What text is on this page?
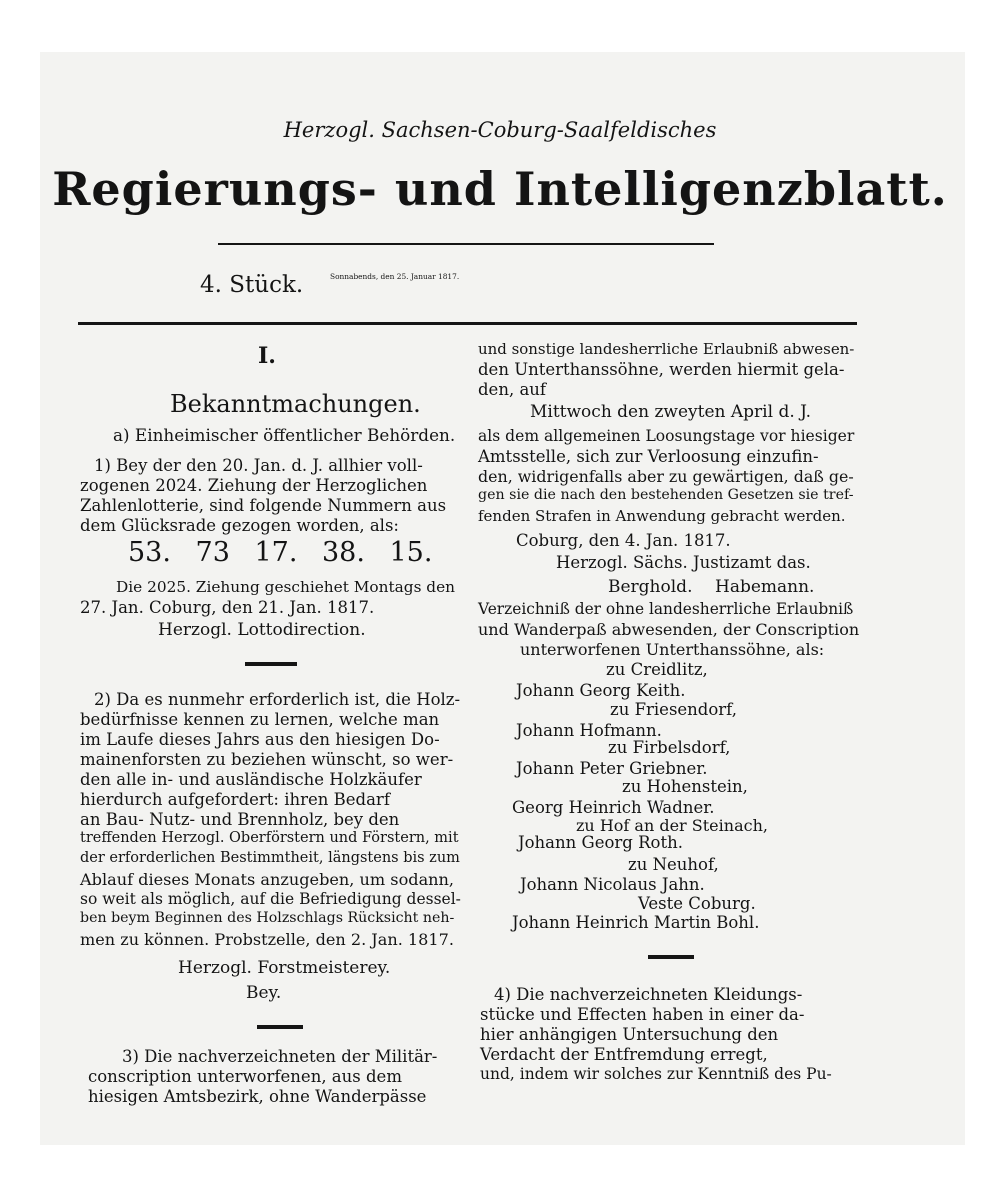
Herzogl. Sachsen-Coburg-Saalfeldisches
Regierungs- und Intelligenzblatt.
4. Stück.	Sonnabends, den 25. Januar 1817.
I.
Bekanntmachungen.
a) Einheimischer öffentlicher Behörden.
1) Bey der den 20. Jan. d. J. allhier voll-
zogenen 2024. Ziehung der Herzoglichen
Zahlenlotterie, sind folgende Nummern aus
dem Glücksrade gezogen worden, als:
53. 73 17. 38. 15.
Die 2025. Ziehung geschiehet Montags den
27. Jan. Coburg, den 21. Jan. 1817.
Herzogl. Lottodirection.
2) Da es nunmehr erforderlich ist, die Holz-
bedürfnisse kennen zu lernen, welche man
im Laufe dieses Jahrs aus den hiesigen Do-
mainenforsten zu beziehen wünscht, so wer-
den alle in- und ausländische Holzkäufer
hierdurch aufgefordert: ihren Bedarf
an Bau- Nutz- und Brennholz, bey den
treffenden Herzogl. Oberförstern und Förstern, mit
der erforderlichen Bestimmtheit, längstens bis zum
Ablauf dieses Monats anzugeben, um sodann,
so weit als möglich, auf die Befriedigung dessel-
ben beym Beginnen des Holzschlags Rücksicht neh-
men zu können. Probstzelle, den 2. Jan. 1817.
Herzogl. Forstmeisterey.
Bey.
3) Die nachverzeichneten der Militär-
conscription unterworfenen, aus dem
hiesigen Amtsbezirk, ohne Wanderpässe
und sonstige landesherrliche Erlaubniß abwesen-
den Unterthanssöhne, werden hiermit gela-
den, auf
Mittwoch den zweyten April d. J.
als dem allgemeinen Loosungstage vor hiesiger
Amtsstelle, sich zur Verloosung einzufin-
den, widrigenfalls aber zu gewärtigen, daß ge-
gen sie die nach den bestehenden Gesetzen sie tref-
fenden Strafen in Anwendung gebracht werden.
Coburg, den 4. Jan. 1817.
Herzogl. Sächs. Justizamt das.
Berghold. Habemann.
Verzeichniß der ohne landesherrliche Erlaubniß
und Wanderpaß abwesenden, der Conscription
unterworfenen Unterthanssöhne, als:
zu Creidlitz,
Johann Georg Keith.
zu Friesendorf,
Johann Hofmann.
zu Firbelsdorf,
Johann Peter Griebner.
zu Hohenstein,
Georg Heinrich Wadner.
zu Hof an der Steinach,
Johann Georg Roth.
zu Neuhof,
Johann Nicolaus Jahn.
Veste Coburg.
Johann Heinrich Martin Bohl.
4) Die nachverzeichneten Kleidungs-
stücke und Effecten haben in einer da-
hier anhängigen Untersuchung den
Verdacht der Entfremdung erregt,
und, indem wir solches zur Kenntniß des Pu-
